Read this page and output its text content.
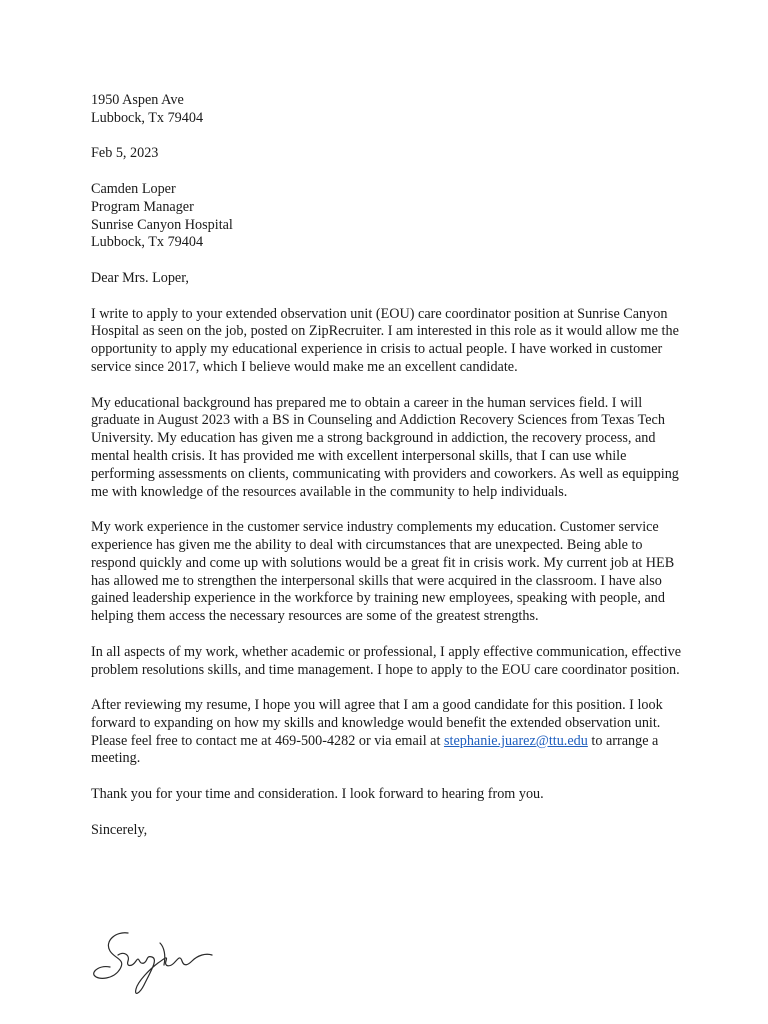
1950 Aspen Ave
Lubbock, Tx 79404
Feb 5, 2023
Camden Loper
Program Manager
Sunrise Canyon Hospital
Lubbock, Tx 79404
Dear Mrs. Loper,

I write to apply to your extended observation unit (EOU) care coordinator position at Sunrise Canyon Hospital as seen on the job, posted on ZipRecruiter. I am interested in this role as it would allow me the opportunity to apply my educational experience in crisis to actual people. I have worked in customer service since 2017, which I believe would make me an excellent candidate.

My educational background has prepared me to obtain a career in the human services field. I will graduate in August 2023 with a BS in Counseling and Addiction Recovery Sciences from Texas Tech University. My education has given me a strong background in addiction, the recovery process, and mental health crisis. It has provided me with excellent interpersonal skills, that I can use while performing assessments on clients, communicating with providers and coworkers. As well as equipping me with knowledge of the resources available in the community to help individuals.

My work experience in the customer service industry complements my education. Customer service experience has given me the ability to deal with circumstances that are unexpected. Being able to respond quickly and come up with solutions would be a great fit in crisis work. My current job at HEB has allowed me to strengthen the interpersonal skills that were acquired in the classroom. I have also gained leadership experience in the workforce by training new employees, speaking with people, and helping them access the necessary resources are some of the greatest strengths.

In all aspects of my work, whether academic or professional, I apply effective communication, effective problem resolutions skills, and time management. I hope to apply to the EOU care coordinator position.

After reviewing my resume, I hope you will agree that I am a good candidate for this position. I look forward to expanding on how my skills and knowledge would benefit the extended observation unit. Please feel free to contact me at 469-500-4282 or via email at stephanie.juarez@ttu.edu to arrange a meeting.

Thank you for your time and consideration. I look forward to hearing from you.

Sincerely,
